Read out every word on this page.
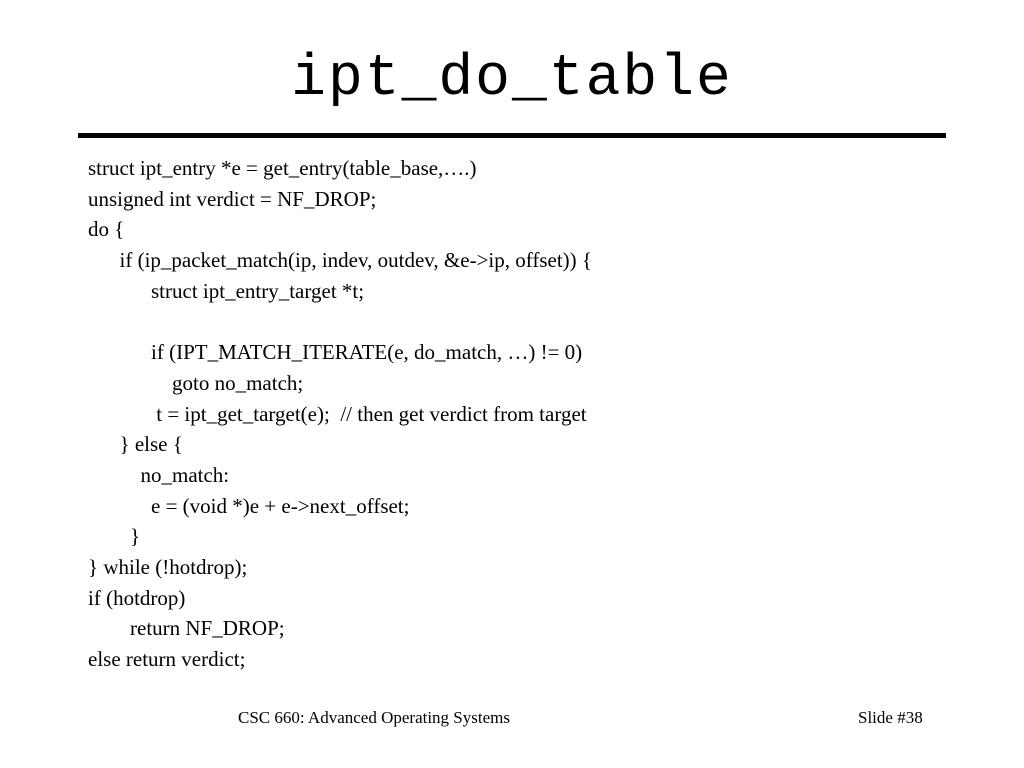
ipt_do_table
struct ipt_entry *e = get_entry(table_base,….)
unsigned int verdict = NF_DROP;
do {
if (ip_packet_match(ip, indev, outdev, &e->ip, offset)) {
struct ipt_entry_target *t;
if (IPT_MATCH_ITERATE(e, do_match, …) != 0)
goto no_match;
t = ipt_get_target(e);  // then get verdict from target
} else {
no_match:
e = (void *)e + e->next_offset;
}
} while (!hotdrop);
if (hotdrop)
return NF_DROP;
else return verdict;
CSC 660: Advanced Operating Systems	Slide #38
